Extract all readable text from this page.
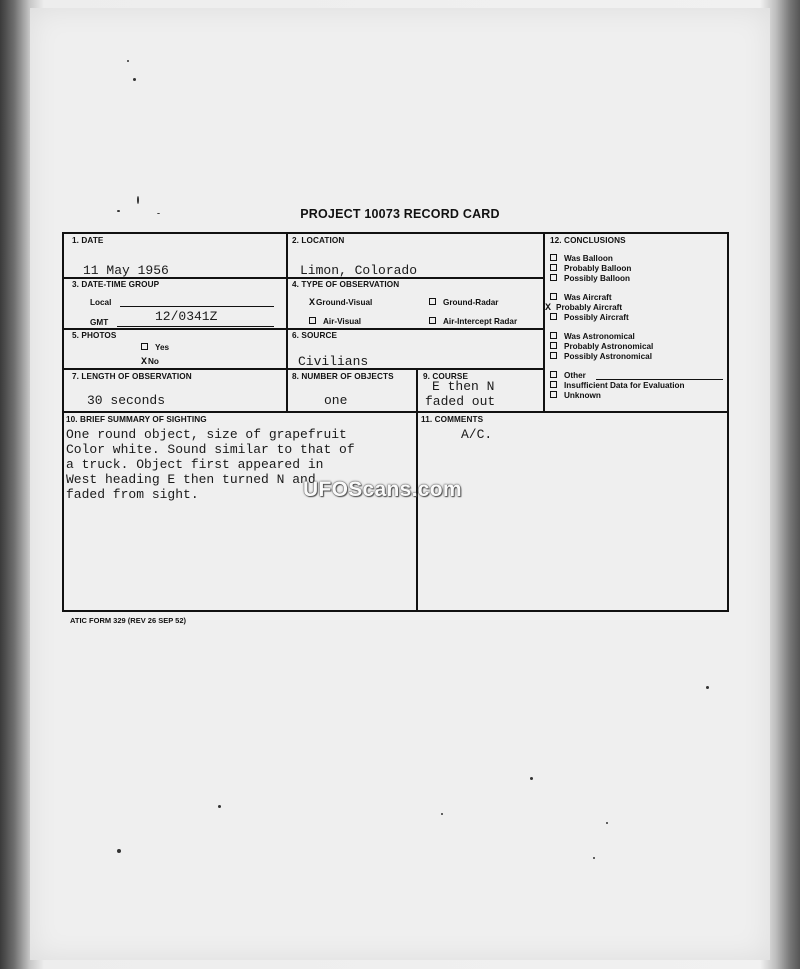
PROJECT 10073 RECORD CARD
1. DATE
11 May 1956
2. LOCATION
Limon, Colorado
3. DATE-TIME GROUP
Local
GMT	12/0341Z
4. TYPE OF OBSERVATION
XGround-Visual	Ground-Radar
Air-Visual	Air-Intercept Radar
5. PHOTOS
Yes
XNo
6. SOURCE
Civilians
7. LENGTH OF OBSERVATION
30 seconds
8. NUMBER OF OBJECTS
one
9. COURSE
E then N
faded out
10. BRIEF SUMMARY OF SIGHTING
One round object, size of grapefruit
Color white. Sound similar to that of
a truck. Object first appeared in
West heading E then turned N and
faded from sight.
11. COMMENTS
A/C.
12. CONCLUSIONS
Was Balloon
Probably Balloon
Possibly Balloon
Was Aircraft
X Probably Aircraft
Possibly Aircraft
Was Astronomical
Probably Astronomical
Possibly Astronomical
Other
Insufficient Data for Evaluation
Unknown
ATIC FORM 329 (REV 26 SEP 52)
UFOScans.com
